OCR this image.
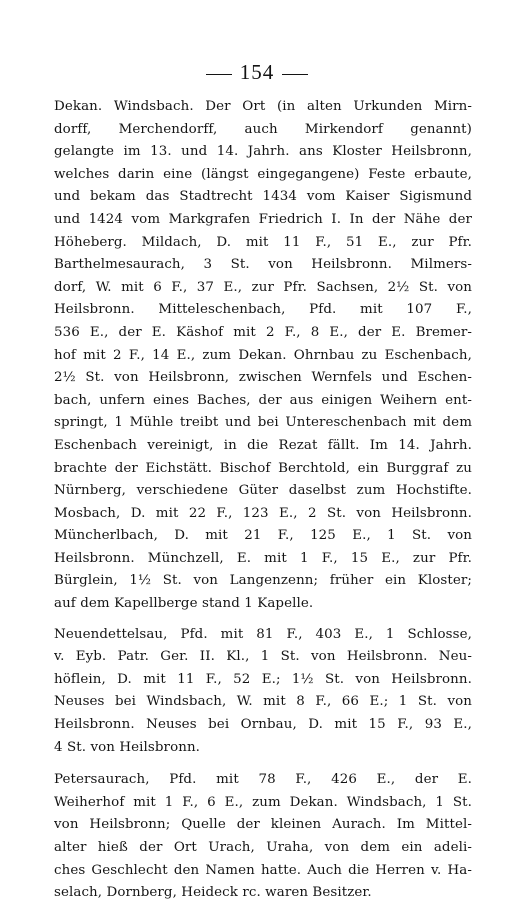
154
Dekan. Windsbach. Der Ort (in alten Urkunden Mirn-
dorff, Merchendorff, auch Mirkendorf genannt)
gelangte im 13. und 14. Jahrh. ans Kloster Heilsbronn,
welches darin eine (längst eingegangene) Feste erbaute,
und bekam das Stadtrecht 1434 vom Kaiser Sigismund
und 1424 vom Markgrafen Friedrich I. In der Nähe der
Höheberg. Mildach, D. mit 11 F., 51 E., zur Pfr.
Barthelmesaurach, 3 St. von Heilsbronn. Milmers-
dorf, W. mit 6 F., 37 E., zur Pfr. Sachsen, 2½ St. von
Heilsbronn. Mitteleschenbach, Pfd. mit 107 F.,
536 E., der E. Käshof mit 2 F., 8 E., der E. Bremer-
hof mit 2 F., 14 E., zum Dekan. Ohrnbau zu Eschenbach,
2½ St. von Heilsbronn, zwischen Wernfels und Eschen-
bach, unfern eines Baches, der aus einigen Weihern ent-
springt, 1 Mühle treibt und bei Untereschenbach mit dem
Eschenbach vereinigt, in die Rezat fällt. Im 14. Jahrh.
brachte der Eichstätt. Bischof Berchtold, ein Burggraf zu
Nürnberg, verschiedene Güter daselbst zum Hochstifte.
Mosbach, D. mit 22 F., 123 E., 2 St. von Heilsbronn.
Müncherlbach, D. mit 21 F., 125 E., 1 St. von
Heilsbronn. Münchzell, E. mit 1 F., 15 E., zur Pfr.
Bürglein, 1½ St. von Langenzenn; früher ein Kloster;
auf dem Kapellberge stand 1 Kapelle.
Neuendettelsau, Pfd. mit 81 F., 403 E., 1 Schlosse,
v. Eyb. Patr. Ger. II. Kl., 1 St. von Heilsbronn. Neu-
höflein, D. mit 11 F., 52 E.; 1½ St. von Heilsbronn.
Neuses bei Windsbach, W. mit 8 F., 66 E.; 1 St. von
Heilsbronn. Neuses bei Ornbau, D. mit 15 F., 93 E.,
4 St. von Heilsbronn.
Petersaurach, Pfd. mit 78 F., 426 E., der E.
Weiherhof mit 1 F., 6 E., zum Dekan. Windsbach, 1 St.
von Heilsbronn; Quelle der kleinen Aurach. Im Mittel-
alter hieß der Ort Urach, Uraha, von dem ein adeli-
ches Geschlecht den Namen hatte. Auch die Herren v. Ha-
selach, Dornberg, Heideck rc. waren Besitzer.
